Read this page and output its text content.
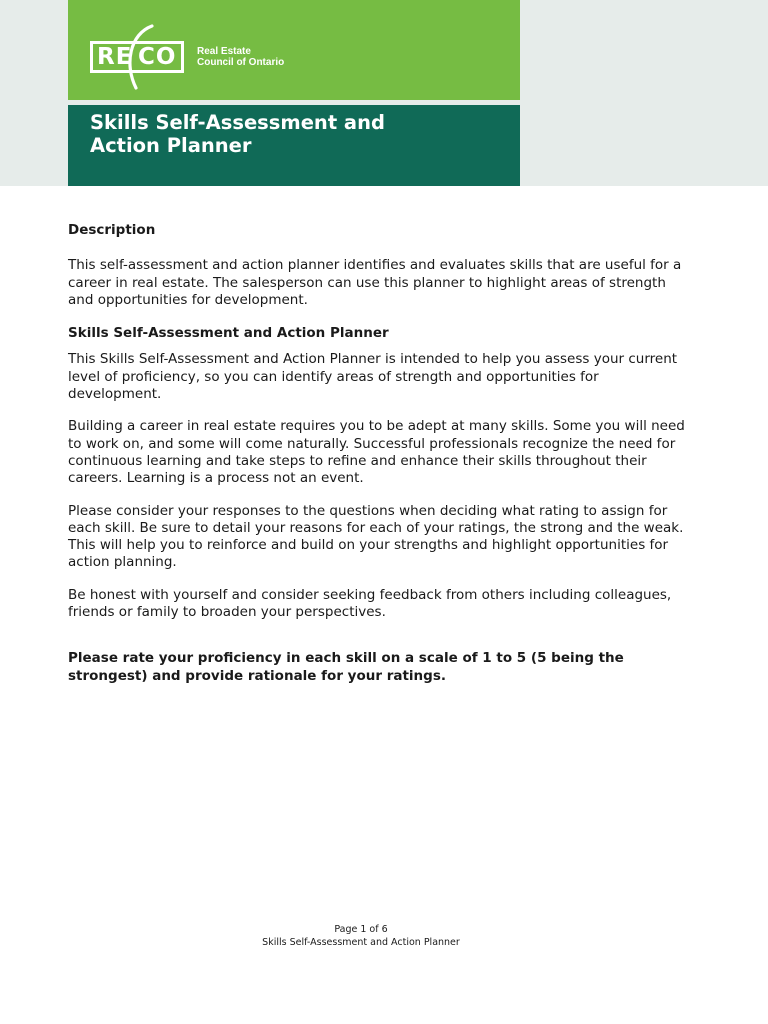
RE CO Real Estate
Council of Ontario
Skills Self-Assessment and
Action Planner

Description

This self-assessment and action planner identifies and evaluates skills that are useful for a career in real estate. The salesperson can use this planner to highlight areas of strength and opportunities for development.

Skills Self-Assessment and Action Planner

This Skills Self-Assessment and Action Planner is intended to help you assess your current level of proficiency, so you can identify areas of strength and opportunities for development.

Building a career in real estate requires you to be adept at many skills. Some you will need to work on, and some will come naturally. Successful professionals recognize the need for continuous learning and take steps to refine and enhance their skills throughout their careers. Learning is a process not an event.

Please consider your responses to the questions when deciding what rating to assign for each skill. Be sure to detail your reasons for each of your ratings, the strong and the weak. This will help you to reinforce and build on your strengths and highlight opportunities for action planning.

Be honest with yourself and consider seeking feedback from others including colleagues, friends or family to broaden your perspectives.

Please rate your proficiency in each skill on a scale of 1 to 5 (5 being the strongest) and provide rationale for your ratings.

Page 1 of 6
Skills Self-Assessment and Action Planner
